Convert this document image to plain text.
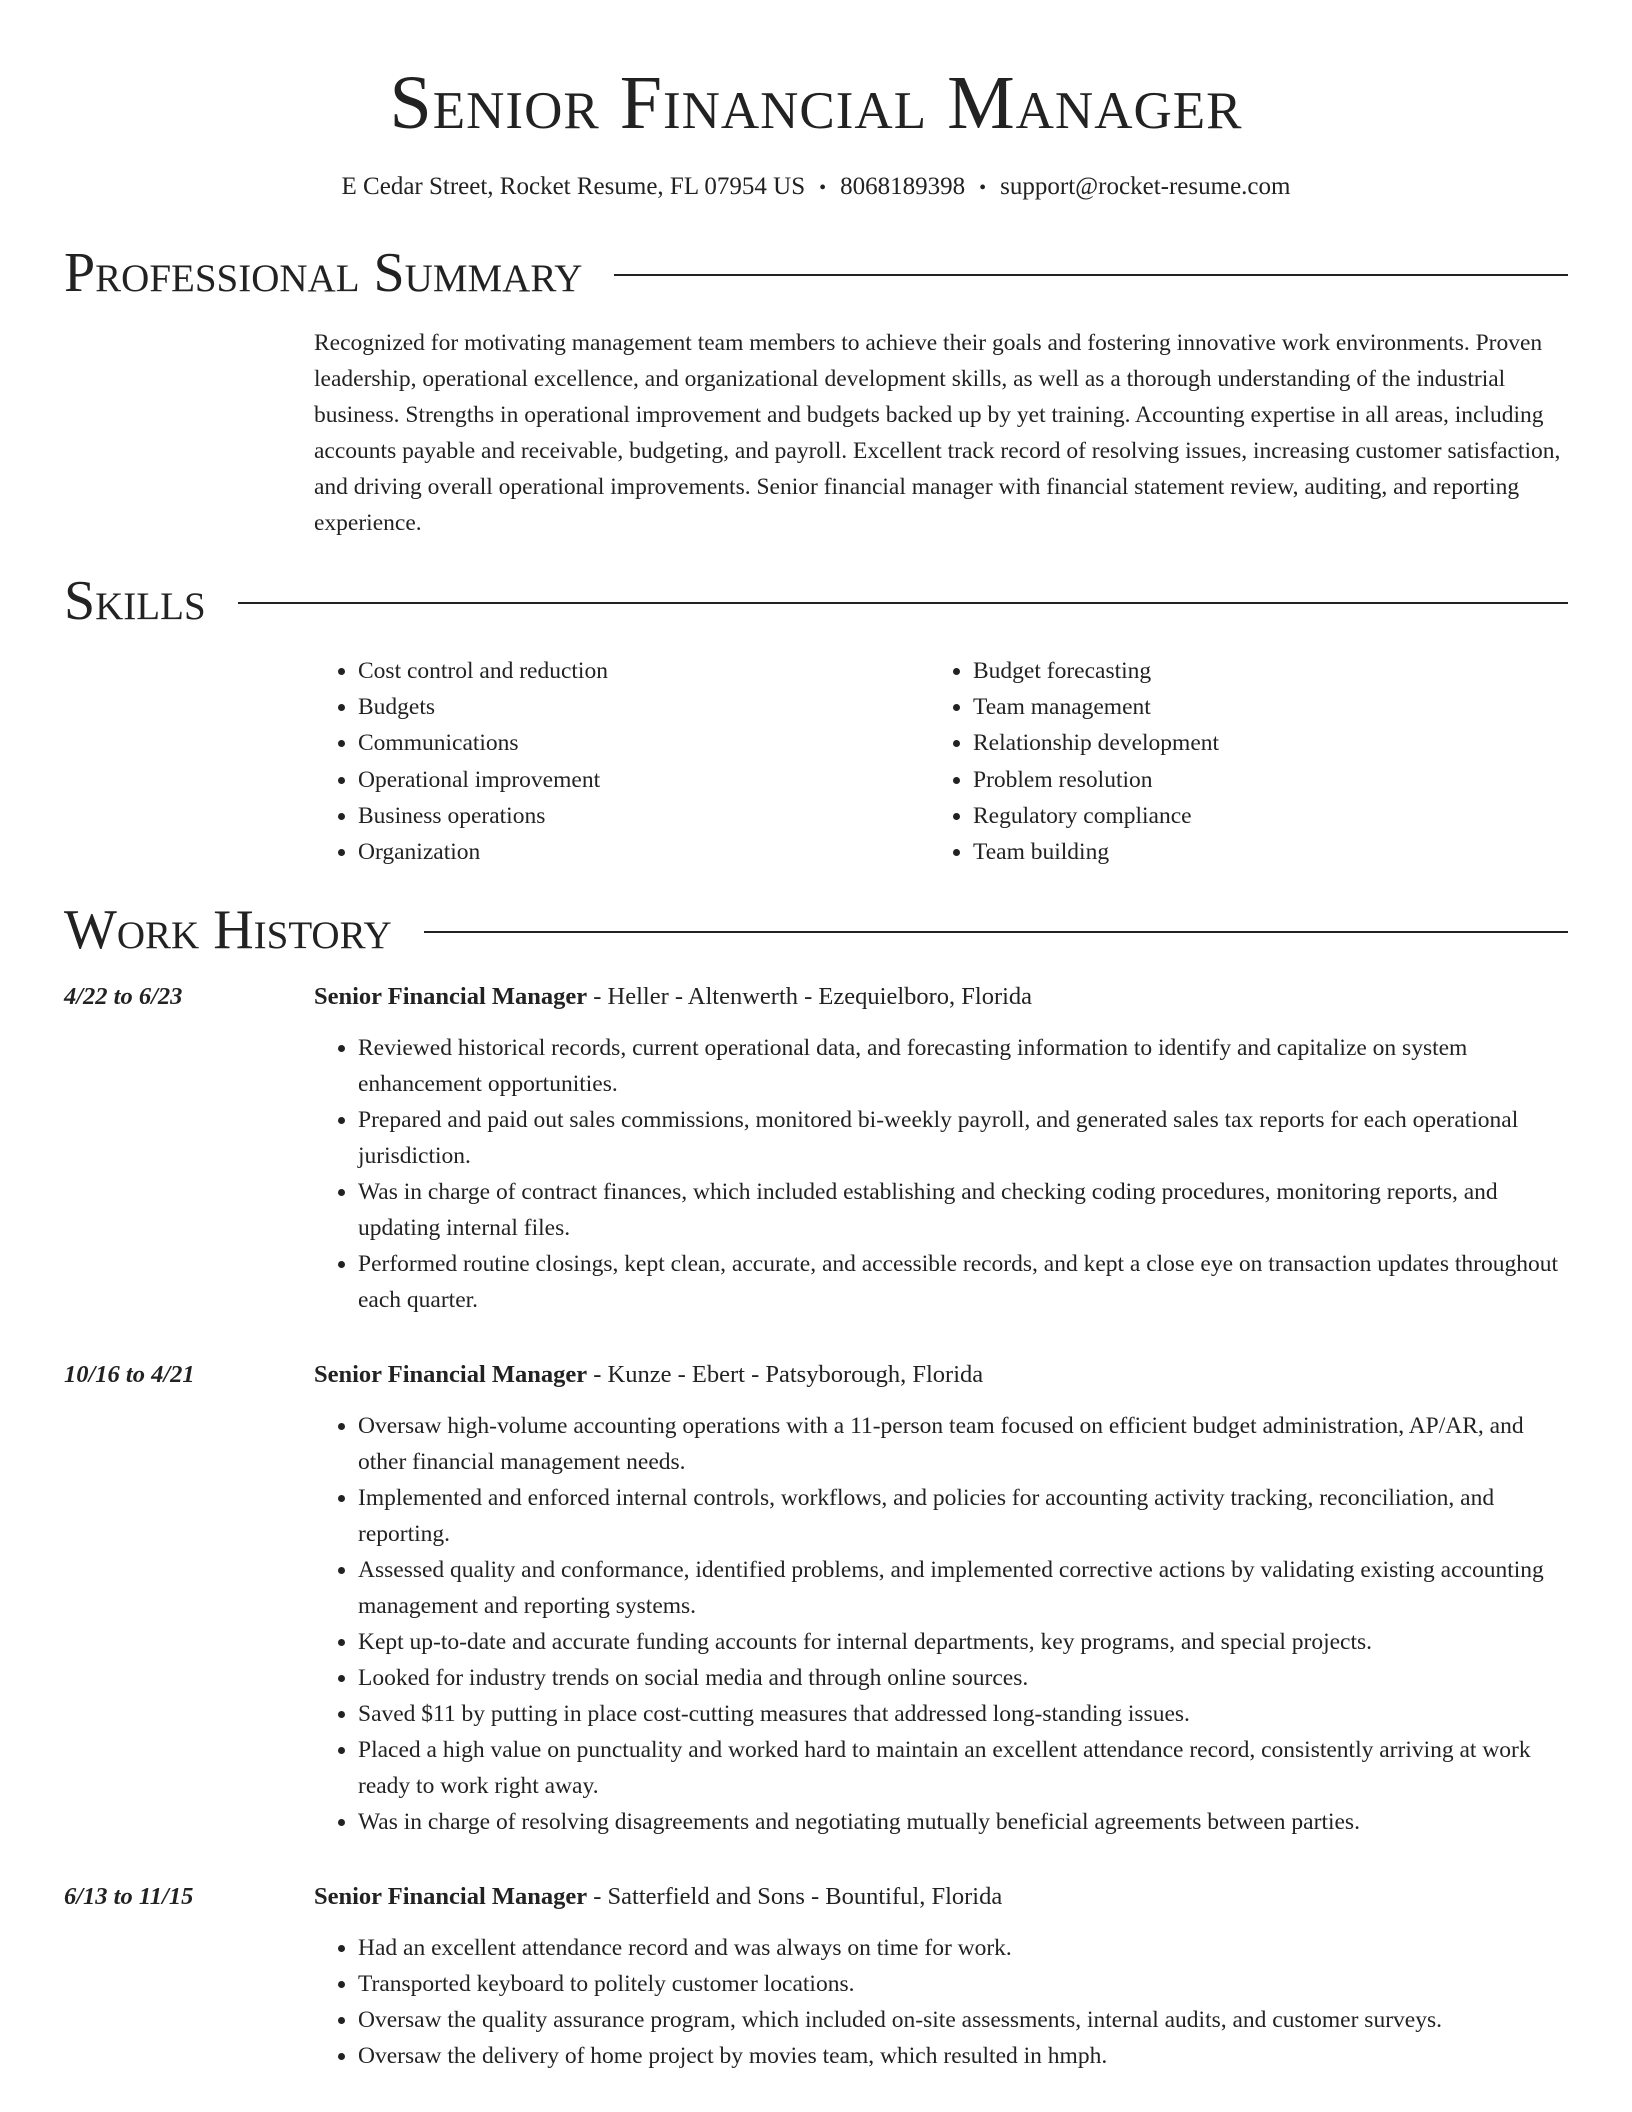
Senior Financial Manager
E Cedar Street, Rocket Resume, FL 07954 US • 8068189398 • support@rocket-resume.com
Professional Summary
Recognized for motivating management team members to achieve their goals and fostering innovative work environments. Proven leadership, operational excellence, and organizational development skills, as well as a thorough understanding of the industrial business. Strengths in operational improvement and budgets backed up by yet training. Accounting expertise in all areas, including accounts payable and receivable, budgeting, and payroll. Excellent track record of resolving issues, increasing customer satisfaction, and driving overall operational improvements. Senior financial manager with financial statement review, auditing, and reporting experience.
Skills
• Cost control and reduction
• Budgets
• Communications
• Operational improvement
• Business operations
• Organization
• Budget forecasting
• Team management
• Relationship development
• Problem resolution
• Regulatory compliance
• Team building
Work History
4/22 to 6/23	Senior Financial Manager - Heller - Altenwerth - Ezequielboro, Florida
• Reviewed historical records, current operational data, and forecasting information to identify and capitalize on system enhancement opportunities.
• Prepared and paid out sales commissions, monitored bi-weekly payroll, and generated sales tax reports for each operational jurisdiction.
• Was in charge of contract finances, which included establishing and checking coding procedures, monitoring reports, and updating internal files.
• Performed routine closings, kept clean, accurate, and accessible records, and kept a close eye on transaction updates throughout each quarter.
10/16 to 4/21	Senior Financial Manager - Kunze - Ebert - Patsyborough, Florida
• Oversaw high-volume accounting operations with a 11-person team focused on efficient budget administration, AP/AR, and other financial management needs.
• Implemented and enforced internal controls, workflows, and policies for accounting activity tracking, reconciliation, and reporting.
• Assessed quality and conformance, identified problems, and implemented corrective actions by validating existing accounting management and reporting systems.
• Kept up-to-date and accurate funding accounts for internal departments, key programs, and special projects.
• Looked for industry trends on social media and through online sources.
• Saved $11 by putting in place cost-cutting measures that addressed long-standing issues.
• Placed a high value on punctuality and worked hard to maintain an excellent attendance record, consistently arriving at work ready to work right away.
• Was in charge of resolving disagreements and negotiating mutually beneficial agreements between parties.
6/13 to 11/15	Senior Financial Manager - Satterfield and Sons - Bountiful, Florida
• Had an excellent attendance record and was always on time for work.
• Transported keyboard to politely customer locations.
• Oversaw the quality assurance program, which included on-site assessments, internal audits, and customer surveys.
• Oversaw the delivery of home project by movies team, which resulted in hmph.
